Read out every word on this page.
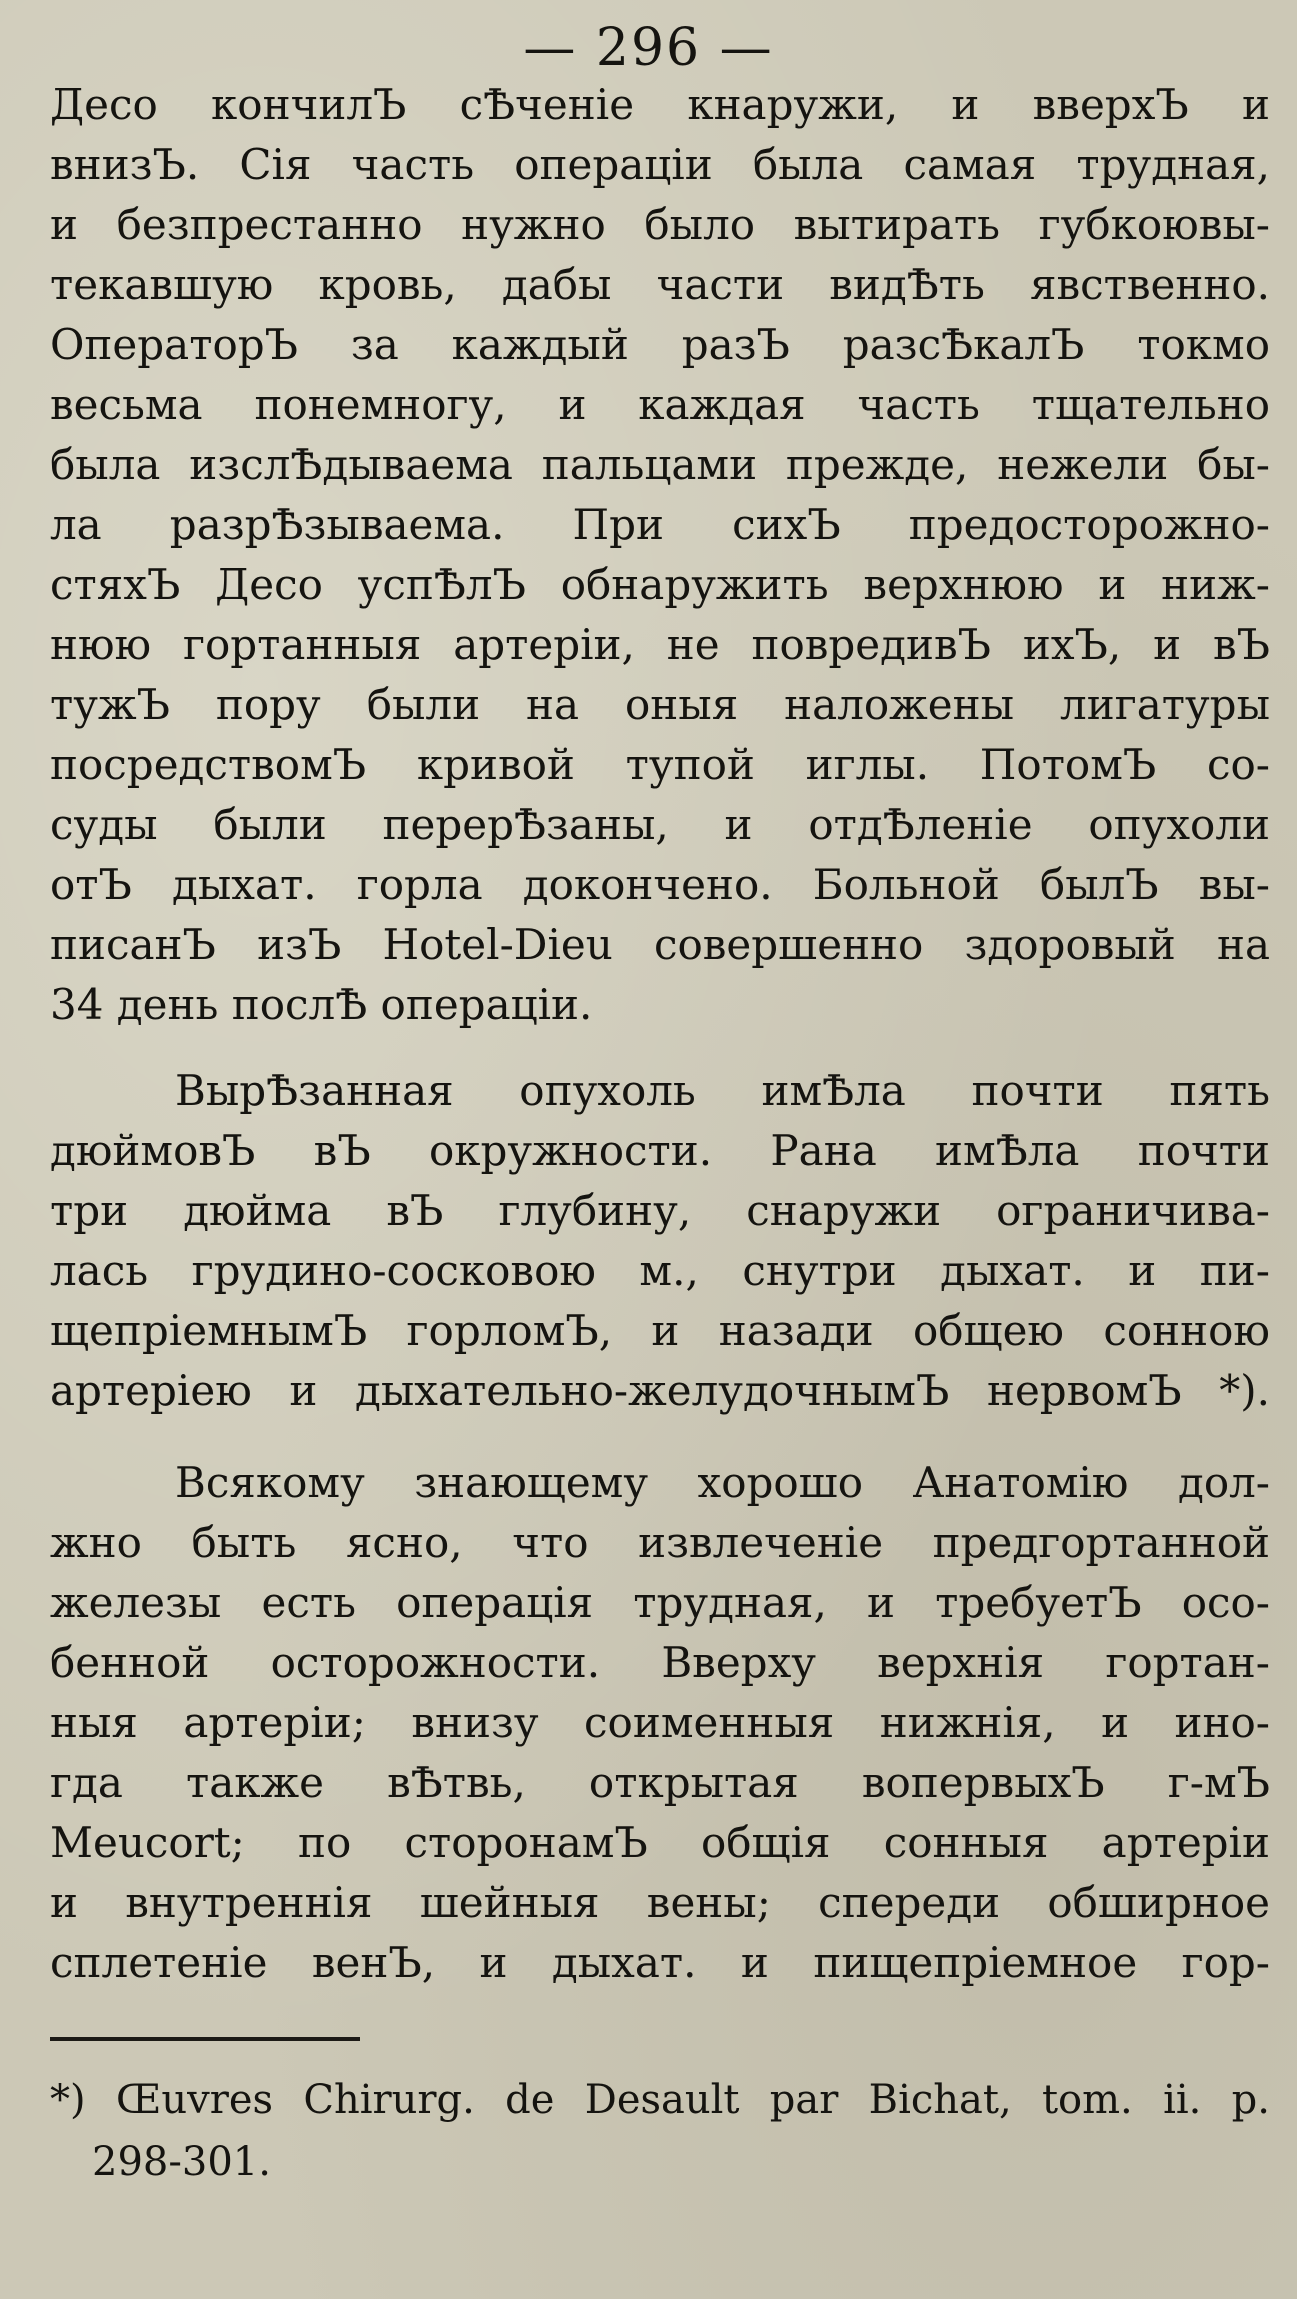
— 296 —
Десо кончилЪ сѢченіе кнаружи, и вверхЪ и
внизЪ. Сія часть операціи была самая трудная,
и безпрестанно нужно было вытирать губкоювы-
текавшую кровь, дабы части видѢть явственно.
ОператорЪ за каждый разЪ разсѢкалЪ токмо
весьма понемногу, и каждая часть тщательно
была изслѢдываема пальцами прежде, нежели бы-
ла разрѢзываема. При сихЪ предосторожно-
стяхЪ Десо успѢлЪ обнаружить верхнюю и ниж-
нюю гортанныя артеріи, не повредивЪ ихЪ, и вЪ
тужЪ пору были на оныя наложены лигатуры
посредствомЪ кривой тупой иглы. ПотомЪ со-
суды были перерѢзаны, и отдѢленіе опухоли
отЪ дыхат. горла докончено. Больной былЪ вы-
писанЪ изЪ Hotel-Dieu совершенно здоровый на
34 день послѢ операціи.
ВырѢзанная опухоль имѢла почти пять
дюймовЪ вЪ окружности. Рана имѢла почти
три дюйма вЪ глубину, снаружи ограничива-
лась грудино-сосковою м., снутри дыхат. и пи-
щепріемнымЪ горломЪ, и назади общею сонною
артеріею и дыхательно-желудочнымЪ нервомЪ *).
Всякому знающему хорошо Анатомію дол-
жно быть ясно, что извлеченіе предгортанной
железы есть операція трудная, и требуетЪ осо-
бенной осторожности. Вверху верхнія гортан-
ныя артеріи; внизу соименныя нижнія, и ино-
гда также вѢтвь, открытая вопервыхЪ г-мЪ
Meucort; по сторонамЪ общія сонныя артеріи
и внутреннія шейныя вены; спереди обширное
сплетеніе венЪ, и дыхат. и пищепріемное гор-
*) Œuvres Chirurg. de Desault par Bichat, tom. ii. p.
298-301.
